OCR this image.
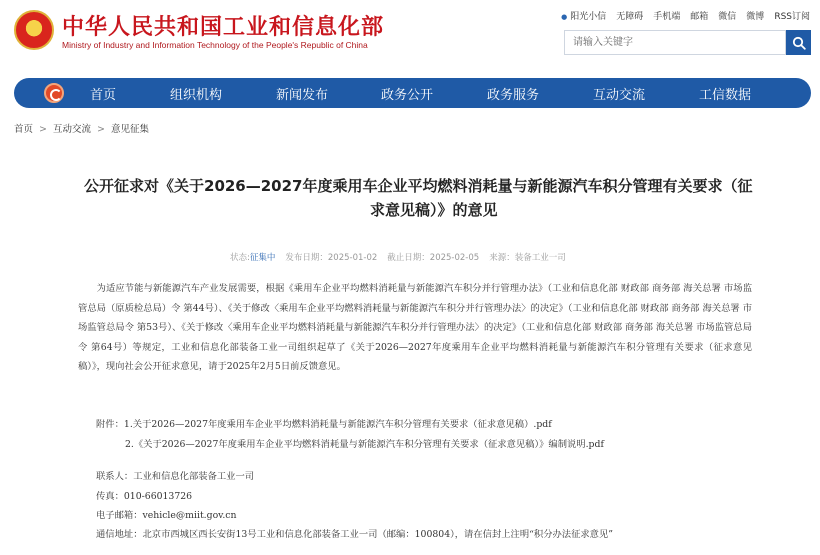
★	中华人民共和国工业和信息化部
Ministry of Industry and Information Technology of the People's Republic of China
● 阳光小信 无障碍 手机端 邮箱 微信 微博 RSS订阅
请输入关键字
首页	组织机构	新闻发布	政务公开	政务服务	互动交流	工信数据
首页 > 互动交流 > 意见征集
公开征求对《关于2026—2027年度乘用车企业平均燃料消耗量与新能源汽车积分管理有关要求（征
求意见稿）》的意见
状态:征集中 发布日期：2025-01-02 截止日期：2025-02-05 来源：装备工业一司

为适应节能与新能源汽车产业发展需要，根据《乘用车企业平均燃料消耗量与新能源汽车积分并行管理办法》（工业和信息化部 财政部 商务部 海关总署 市场监管总局（原质检总局）令 第44号）、《关于修改〈乘用车企业平均燃料消耗量与新能源汽车积分并行管理办法〉的决定》（工业和信息化部 财政部 商务部 海关总署 市场监管总局令 第53号）、《关于修改〈乘用车企业平均燃料消耗量与新能源汽车积分并行管理办法〉的决定》（工业和信息化部 财政部 商务部 海关总署 市场监管总局令 第64号）等规定，工业和信息化部装备工业一司组织起草了《关于2026—2027年度乘用车企业平均燃料消耗量与新能源汽车积分管理有关要求（征求意见稿）》，现向社会公开征求意见，请于2025年2月5日前反馈意见。

附件：1.关于2026—2027年度乘用车企业平均燃料消耗量与新能源汽车积分管理有关要求（征求意见稿）.pdf
2.《关于2026—2027年度乘用车企业平均燃料消耗量与新能源汽车积分管理有关要求（征求意见稿）》编制说明.pdf
联系人：工业和信息化部装备工业一司
传真：010-66013726
电子邮箱：vehicle@miit.gov.cn
通信地址：北京市西城区西长安街13号工业和信息化部装备工业一司（邮编：100804），请在信封上注明“积分办法征求意见”
